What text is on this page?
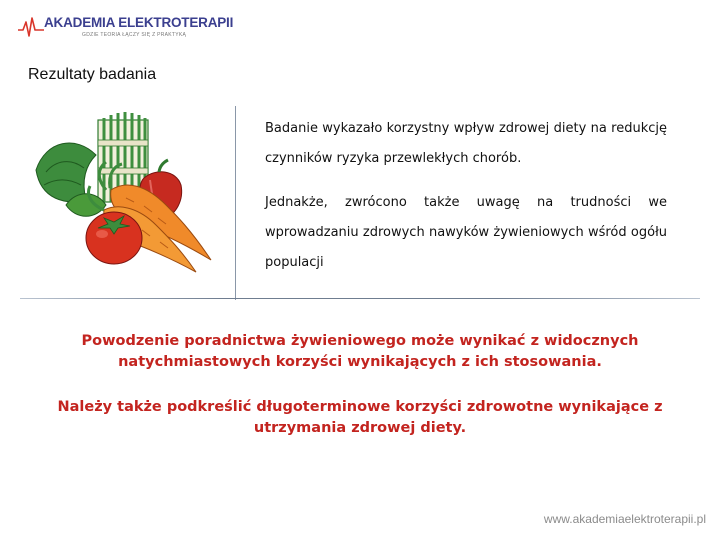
AKADEMIA ELEKTROTERAPII
GDZIE TEORIA ŁĄCZY SIĘ Z PRAKTYKĄ
Rezultaty badania

Badanie wykazało korzystny wpływ zdrowej diety na redukcję czynników ryzyka przewlekłych chorób.

Jednakże, zwrócono także uwagę na trudności we wprowadzaniu zdrowych nawyków żywieniowych wśród ogółu populacji

Powodzenie poradnictwa żywieniowego może wynikać z widocznych natychmiastowych korzyści wynikających z ich stosowania.

Należy także podkreślić długoterminowe korzyści zdrowotne wynikające z utrzymania zdrowej diety.

www.akademiaelektroterapii.pl
